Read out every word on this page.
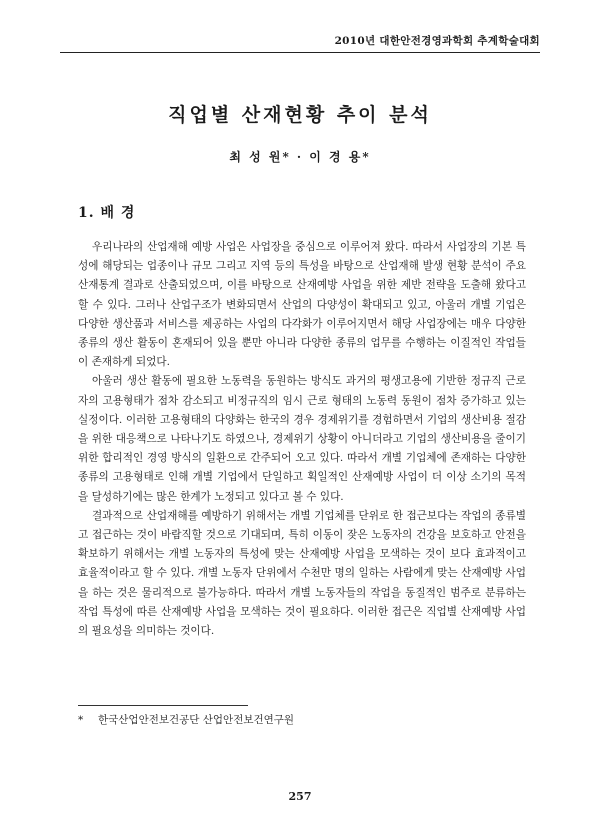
2010년 대한안전경영과학회 추계학술대회
직업별 산재현황 추이 분석
최 성 원* · 이 경 용*
1. 배 경

우리나라의 산업재해 예방 사업은 사업장을 중심으로 이루어져 왔다. 따라서 사업장의 기본 특성에 해당되는 업종이나 규모 그리고 지역 등의 특성을 바탕으로 산업재해 발생 현황 분석이 주요 산재통계 결과로 산출되었으며, 이를 바탕으로 산재예방 사업을 위한 제반 전략을 도출해 왔다고 할 수 있다. 그러나 산업구조가 변화되면서 산업의 다양성이 확대되고 있고, 아울러 개별 기업은 다양한 생산품과 서비스를 제공하는 사업의 다각화가 이루어지면서 해당 사업장에는 매우 다양한 종류의 생산 활동이 혼재되어 있을 뿐만 아니라 다양한 종류의 업무를 수행하는 이질적인 작업들이 존재하게 되었다.

아울러 생산 활동에 필요한 노동력을 동원하는 방식도 과거의 평생고용에 기반한 정규직 근로자의 고용형태가 점차 감소되고 비정규직의 임시 근로 형태의 노동력 동원이 점차 증가하고 있는 실정이다. 이러한 고용형태의 다양화는 한국의 경우 경제위기를 경험하면서 기업의 생산비용 절감을 위한 대응책으로 나타나기도 하였으나, 경제위기 상황이 아니더라고 기업의 생산비용을 줄이기 위한 합리적인 경영 방식의 일환으로 간주되어 오고 있다. 따라서 개별 기업체에 존재하는 다양한 종류의 고용형태로 인해 개별 기업에서 단일하고 획일적인 산재예방 사업이 더 이상 소기의 목적을 달성하기에는 많은 한계가 노정되고 있다고 볼 수 있다.

결과적으로 산업재해를 예방하기 위해서는 개별 기업체를 단위로 한 접근보다는 작업의 종류별고 접근하는 것이 바람직할 것으로 기대되며, 특히 이동이 잦은 노동자의 건강을 보호하고 안전을 확보하기 위해서는 개별 노동자의 특성에 맞는 산재예방 사업을 모색하는 것이 보다 효과적이고 효율적이라고 할 수 있다. 개별 노동자 단위에서 수천만 명의 일하는 사람에게 맞는 산재예방 사업을 하는 것은 물리적으로 불가능하다. 따라서 개별 노동자들의 작업을 동질적인 범주로 분류하는 작업 특성에 따른 산재예방 사업을 모색하는 것이 필요하다. 이러한 접근은 직업별 산재예방 사업의 필요성을 의미하는 것이다.

* 한국산업안전보건공단 산업안전보건연구원
257
